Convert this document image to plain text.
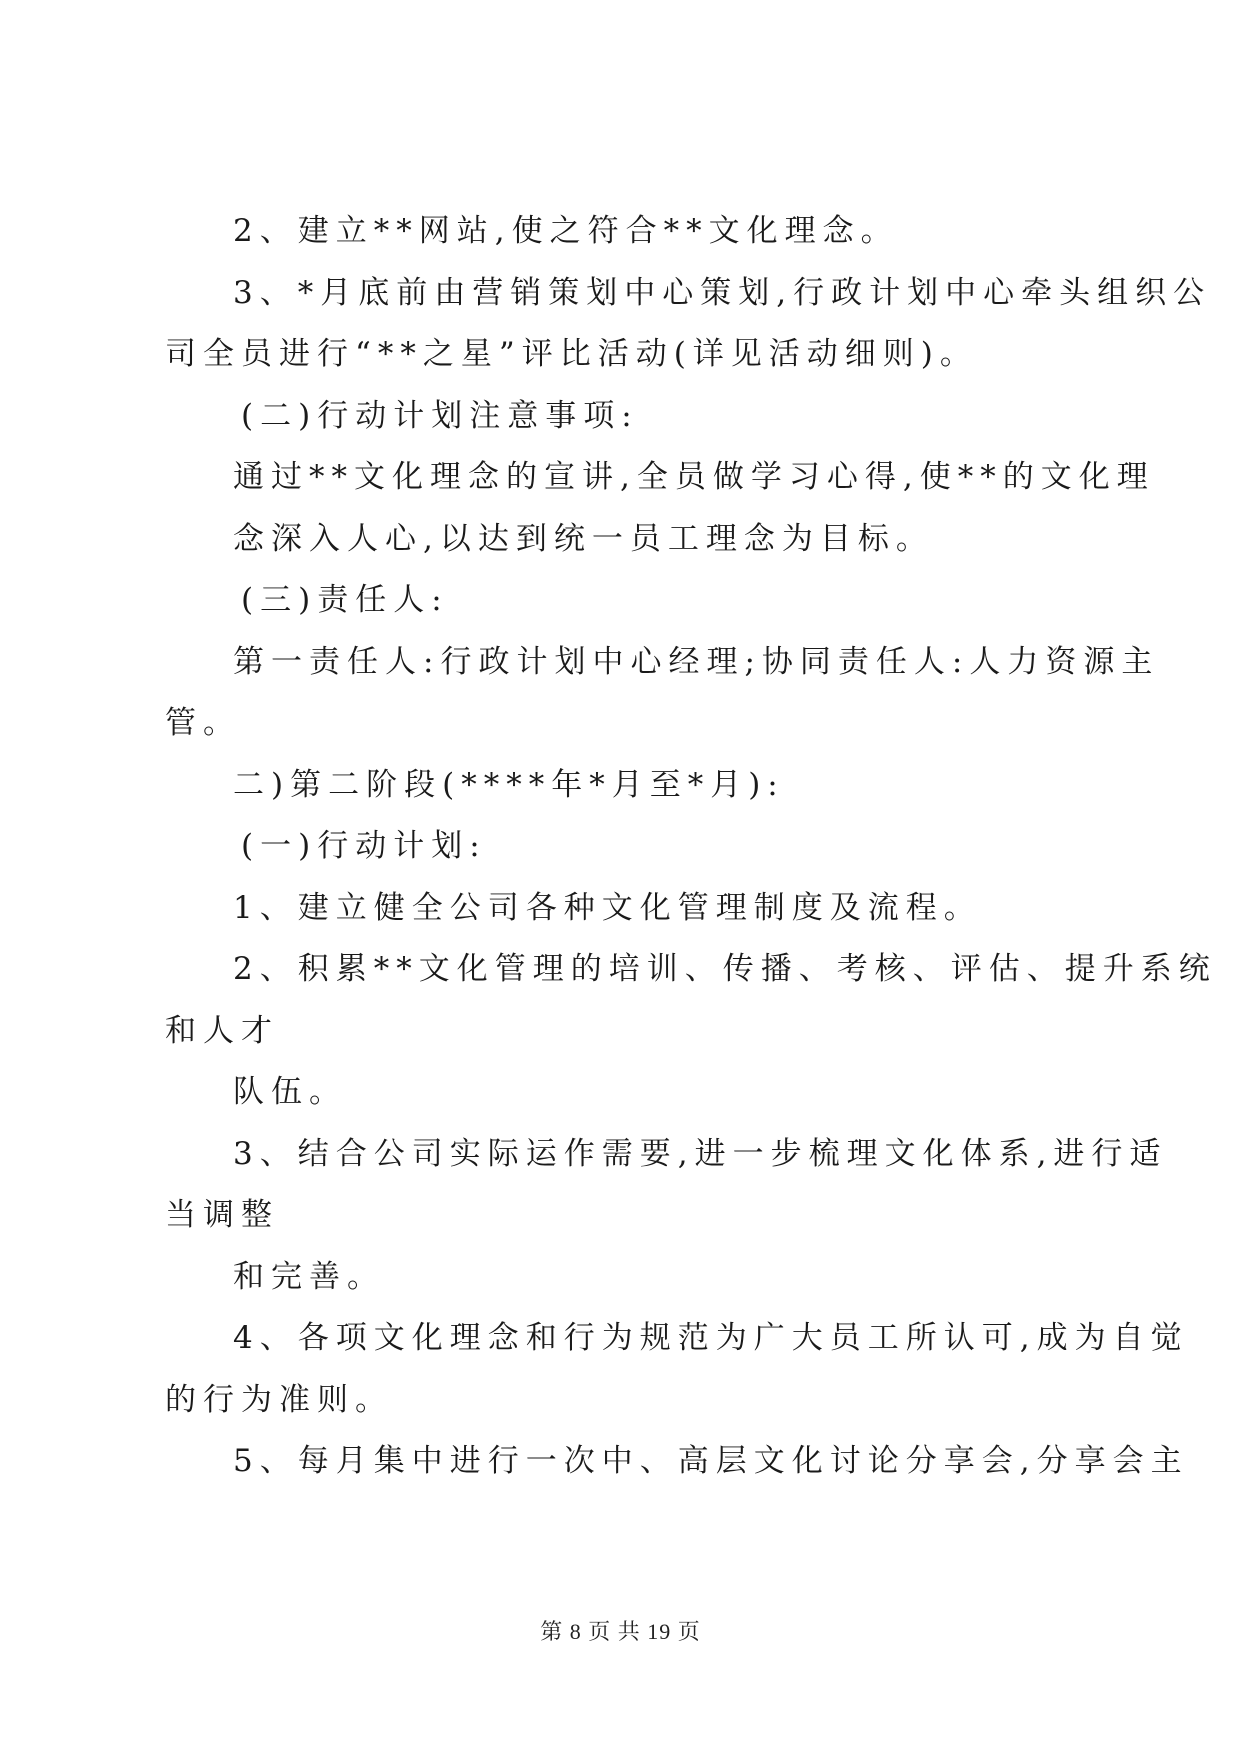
2、建立**网站,使之符合**文化理念。
3、*月底前由营销策划中心策划,行政计划中心牵头组织公
司全员进行“**之星”评比活动(详见活动细则)。
(二)行动计划注意事项:
通过**文化理念的宣讲,全员做学习心得,使**的文化理
念深入人心,以达到统一员工理念为目标。
(三)责任人:
第一责任人:行政计划中心经理;协同责任人:人力资源主
管。
二)第二阶段(****年*月至*月):
(一)行动计划:
1、建立健全公司各种文化管理制度及流程。
2、积累**文化管理的培训、传播、考核、评估、提升系统
和人才
队伍。
3、结合公司实际运作需要,进一步梳理文化体系,进行适
当调整
和完善。
4、各项文化理念和行为规范为广大员工所认可,成为自觉
的行为准则。
5、每月集中进行一次中、高层文化讨论分享会,分享会主
第 8 页 共 19 页
